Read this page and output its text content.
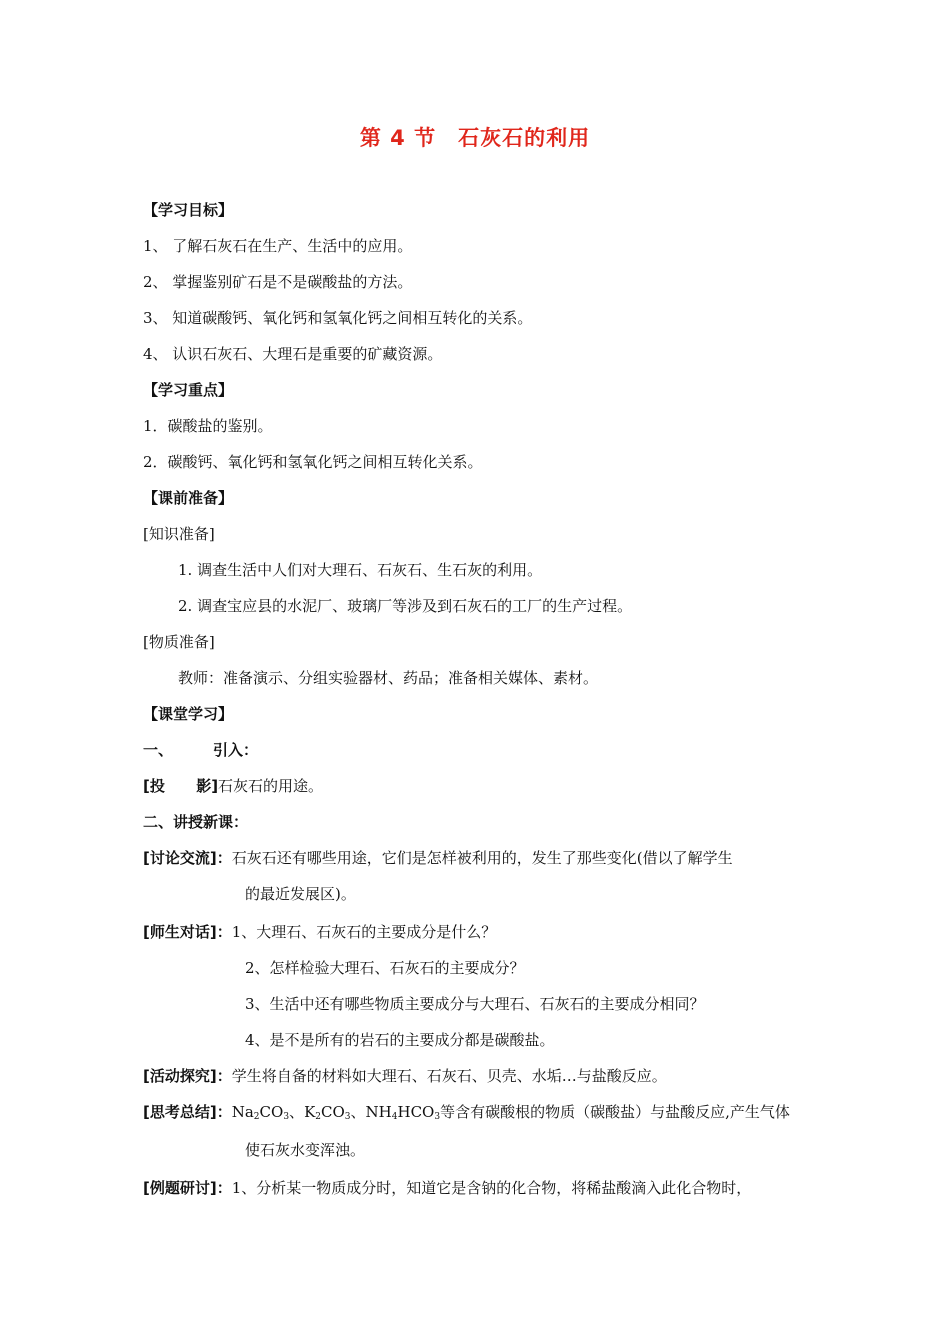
第 4 节 石灰石的利用
【学习目标】
1、 了解石灰石在生产、生活中的应用。
2、 掌握鉴别矿石是不是碳酸盐的方法。
3、 知道碳酸钙、氧化钙和氢氧化钙之间相互转化的关系。
4、 认识石灰石、大理石是重要的矿藏资源。
【学习重点】
1．碳酸盐的鉴别。
2．碳酸钙、氧化钙和氢氧化钙之间相互转化关系。
【课前准备】
[知识准备]
1. 调查生活中人们对大理石、石灰石、生石灰的利用。
2. 调查宝应县的水泥厂、玻璃厂等涉及到石灰石的工厂的生产过程。
[物质准备]
教师：准备演示、分组实验器材、药品；准备相关媒体、素材。
【课堂学习】
一、	引入：
[投      影]石灰石的用途。
二、讲授新课：
[讨论交流]：石灰石还有哪些用途，它们是怎样被利用的，发生了那些变化(借以了解学生
的最近发展区)。
[师生对话]：1、大理石、石灰石的主要成分是什么？
2、怎样检验大理石、石灰石的主要成分？
3、生活中还有哪些物质主要成分与大理石、石灰石的主要成分相同？
4、是不是所有的岩石的主要成分都是碳酸盐。
[活动探究]：学生将自备的材料如大理石、石灰石、贝壳、水垢…与盐酸反应。
[思考总结]：$Na_2CO_3$、$K_2CO_3$、$NH_4HCO_3$等含有碳酸根的物质（碳酸盐）与盐酸反应,产生气体
使石灰水变浑浊。
[例题研讨]：1、分析某一物质成分时，知道它是含钠的化合物，将稀盐酸滴入此化合物时，
